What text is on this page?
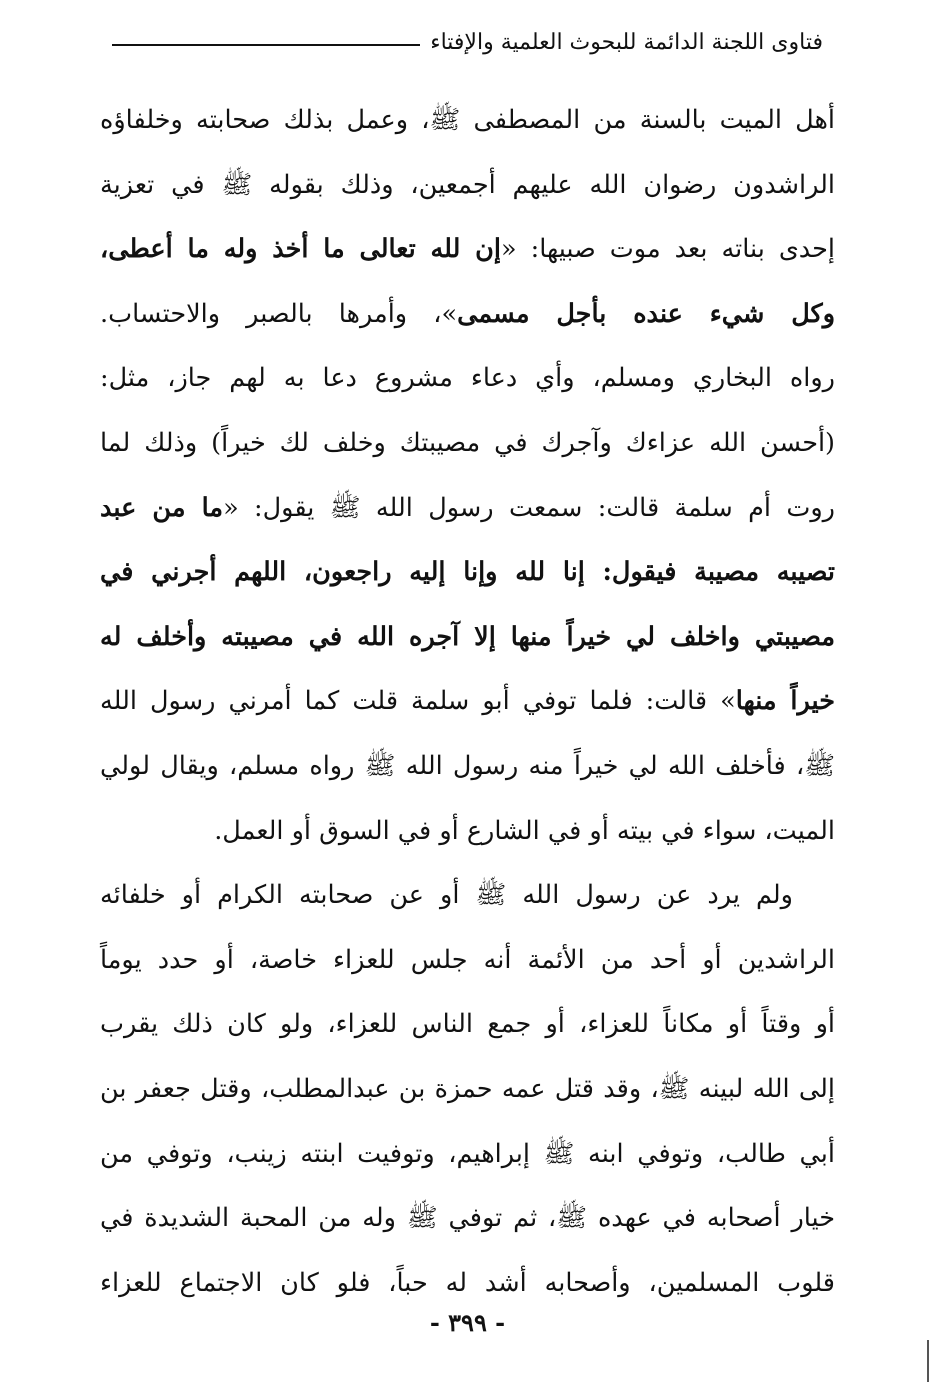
فتاوى اللجنة الدائمة للبحوث العلمية والإفتاء
أهل الميت بالسنة من المصطفى ﷺ، وعمل بذلك صحابته وخلفاؤه
الراشدون رضوان الله عليهم أجمعين، وذلك بقوله ﷺ في تعزية
إحدى بناته بعد موت صبيها: «إن لله تعالى ما أخذ وله ما أعطى،
وكل شيء عنده بأجل مسمى»، وأمرها بالصبر والاحتساب.
رواه البخاري ومسلم، وأي دعاء مشروع دعا به لهم جاز، مثل:
(أحسن الله عزاءك وآجرك في مصيبتك وخلف لك خيراً) وذلك لما
روت أم سلمة قالت: سمعت رسول الله ﷺ يقول: «ما من عبد
تصيبه مصيبة فيقول: إنا لله وإنا إليه راجعون، اللهم أجرني في
مصيبتي واخلف لي خيراً منها إلا آجره الله في مصيبته وأخلف له
خيراً منها» قالت: فلما توفي أبو سلمة قلت كما أمرني رسول الله
ﷺ، فأخلف الله لي خيراً منه رسول الله ﷺ رواه مسلم، ويقال لولي
الميت، سواء في بيته أو في الشارع أو في السوق أو العمل.
ولم يرد عن رسول الله ﷺ أو عن صحابته الكرام أو خلفائه
الراشدين أو أحد من الأئمة أنه جلس للعزاء خاصة، أو حدد يوماً
أو وقتاً أو مكاناً للعزاء، أو جمع الناس للعزاء، ولو كان ذلك يقرب
إلى الله لبينه ﷺ، وقد قتل عمه حمزة بن عبدالمطلب، وقتل جعفر بن
أبي طالب، وتوفي ابنه ﷺ إبراهيم، وتوفيت ابنته زينب، وتوفي من
خيار أصحابه في عهده ﷺ، ثم توفي ﷺ وله من المحبة الشديدة في
قلوب المسلمين، وأصحابه أشد له حباً، فلو كان الاجتماع للعزاء
- ٣٩٩ -
